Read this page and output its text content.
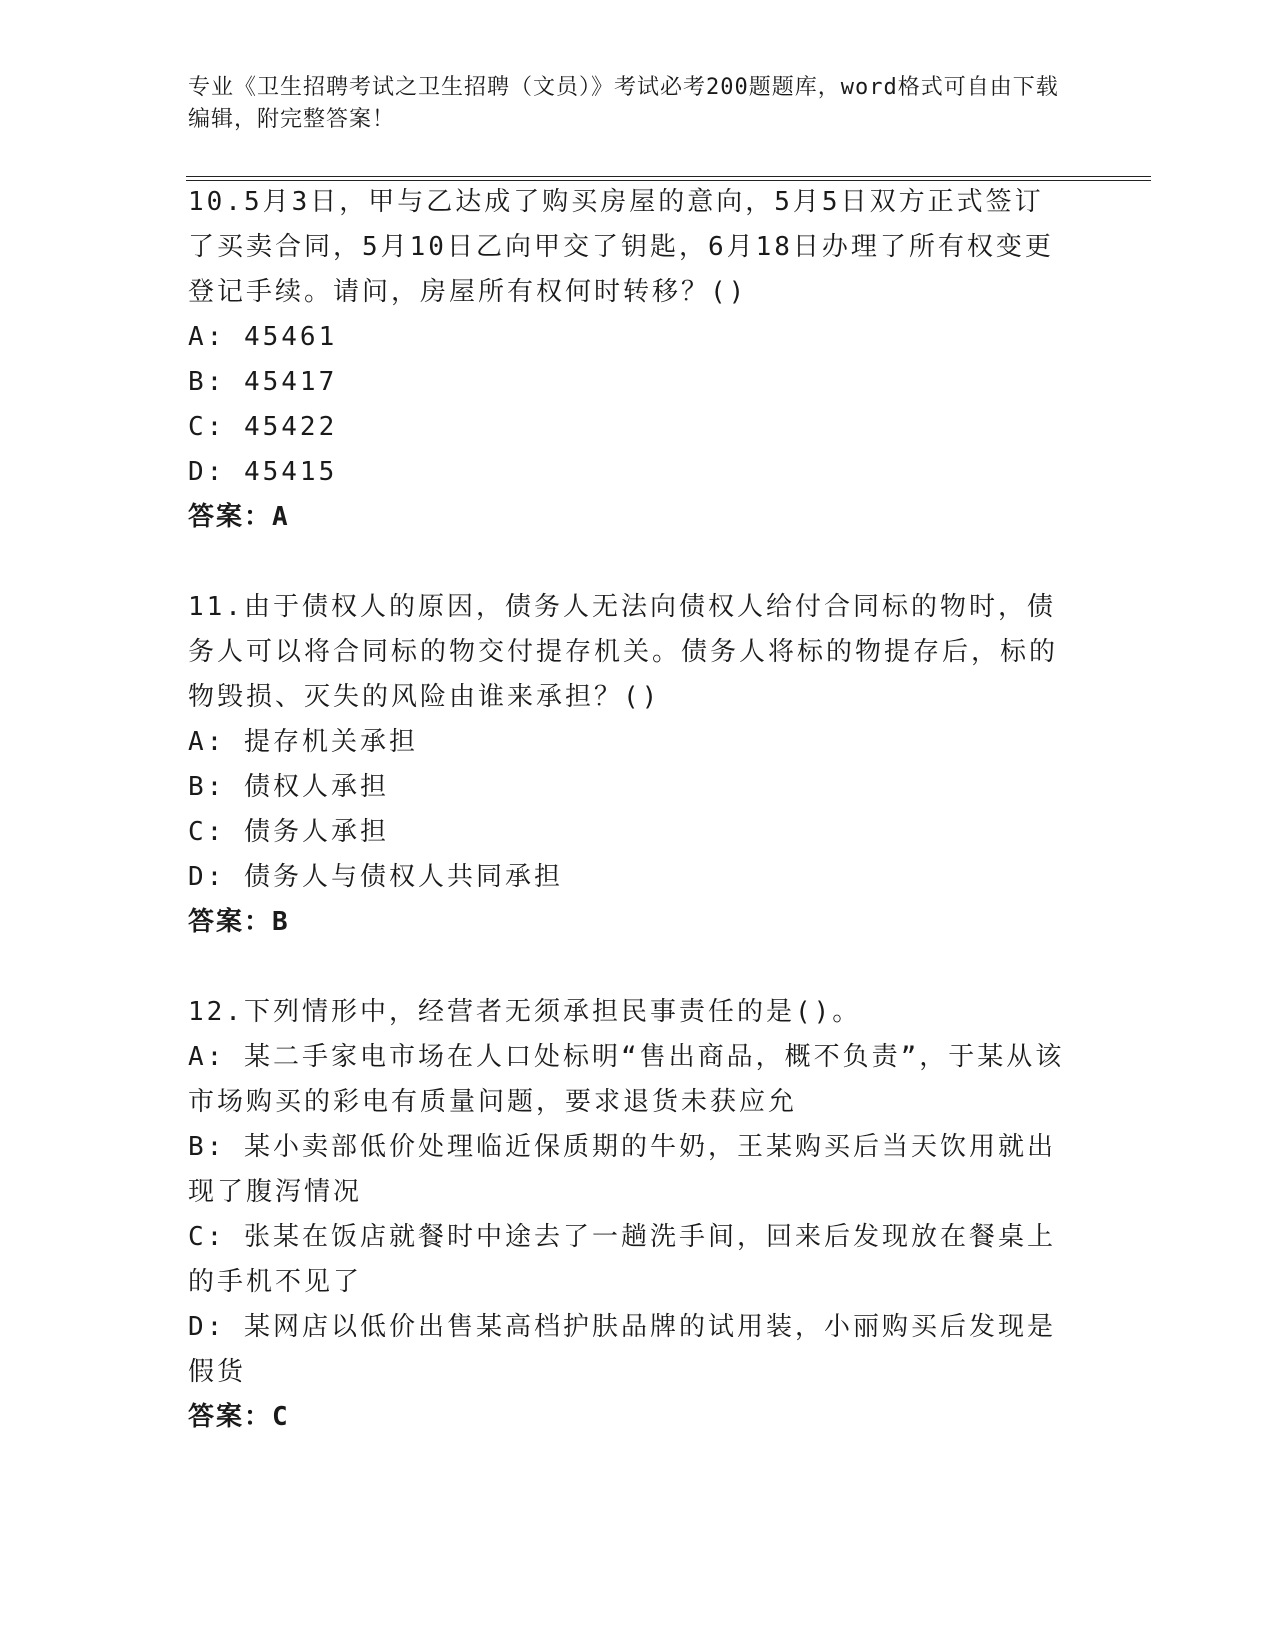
专业《卫生招聘考试之卫生招聘（文员）》考试必考200题题库，word格式可自由下载编辑，附完整答案！

10.5月3日，甲与乙达成了购买房屋的意向，5月5日双方正式签订了买卖合同，5月10日乙向甲交了钥匙，6月18日办理了所有权变更登记手续。请问，房屋所有权何时转移？()

A: 45461

B: 45417

C: 45422

D: 45415

答案：A

11.由于债权人的原因，债务人无法向债权人给付合同标的物时，债务人可以将合同标的物交付提存机关。债务人将标的物提存后，标的物毁损、灭失的风险由谁来承担？()

A: 提存机关承担

B: 债权人承担

C: 债务人承担

D: 债务人与债权人共同承担

答案：B

12.下列情形中，经营者无须承担民事责任的是()。

A: 某二手家电市场在人口处标明“售出商品，概不负责”，于某从该市场购买的彩电有质量问题，要求退货未获应允

B: 某小卖部低价处理临近保质期的牛奶，王某购买后当天饮用就出现了腹泻情况

C: 张某在饭店就餐时中途去了一趟洗手间，回来后发现放在餐桌上的手机不见了

D: 某网店以低价出售某高档护肤品牌的试用装，小丽购买后发现是假货

答案：C
